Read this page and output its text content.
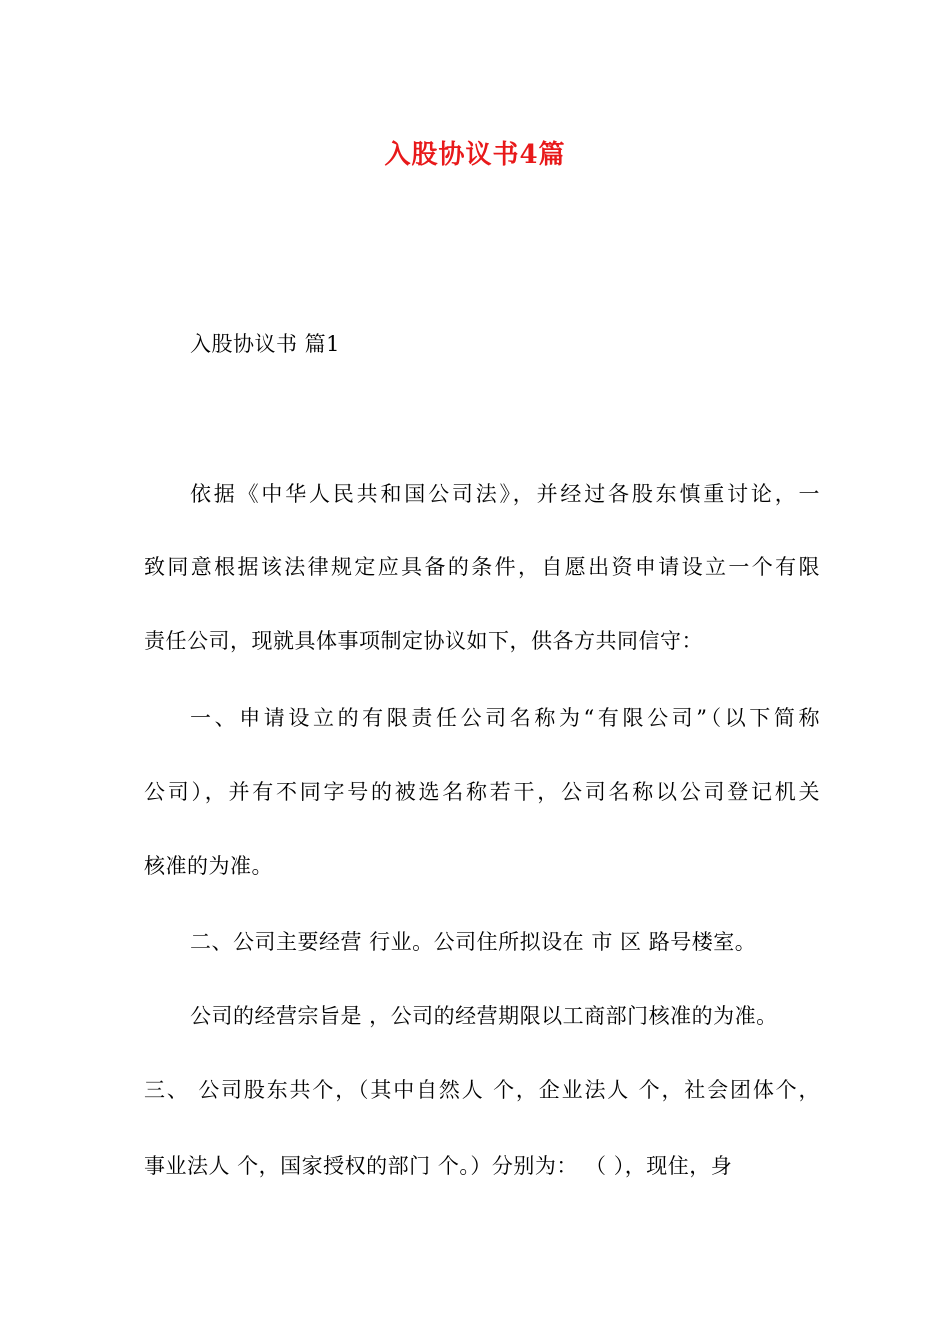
入股协议书4篇
入股协议书 篇1
依据《中华人民共和国公司法》，并经过各股东慎重讨论，一
致同意根据该法律规定应具备的条件，自愿出资申请设立一个有限
责任公司，现就具体事项制定协议如下，供各方共同信守：
一、申请设立的有限责任公司名称为“有限公司”（以下简称
公司），并有不同字号的被选名称若干，公司名称以公司登记机关
核准的为准。
二、公司主要经营 行业。公司住所拟设在 市 区 路号楼室。
公司的经营宗旨是 ，公司的经营期限以工商部门核准的为准。
三、 公司股东共个，（其中自然人 个，企业法人 个，社会团体个，
事业法人 个，国家授权的部门 个。）分别为： （ ），现住，身
